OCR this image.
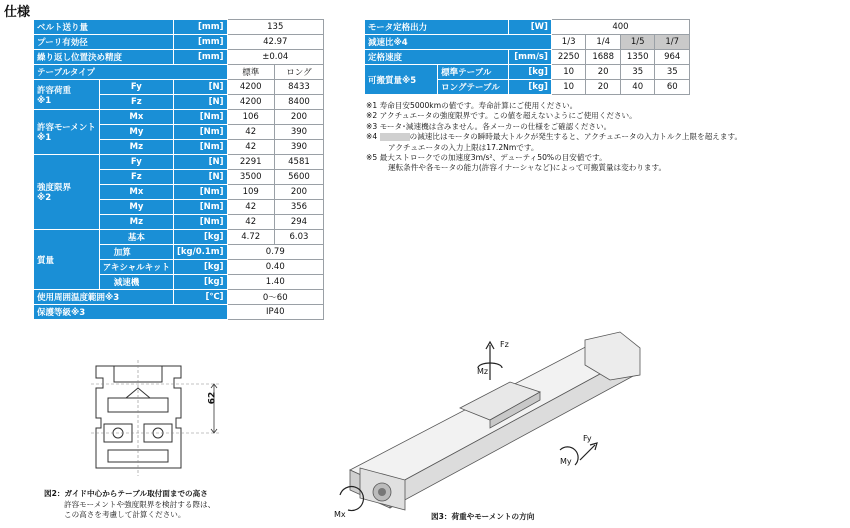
仕様
ベルト送り量		[mm]	135	
プーリ有効径		[mm]	42.97	
繰り返し位置決め精度		[mm]	±0.04	
テーブルタイプ			標準	ロング
許容荷重
※1	Fy	[N]	4200	8433
	Fz	[N]	4200	8400
許容モーメント
※1	Mx	[Nm]	106	200
	My	[Nm]	42	390
	Mz	[Nm]	42	390
強度限界
※2	Fy	[N]	2291	4581
	Fz	[N]	3500	5600
	Mx	[Nm]	109	200
	My	[Nm]	42	356
	Mz	[Nm]	42	294
質量	基本	[kg]	4.72	6.03
	加算	[kg/0.1m]	0.79	
	アキシャルキット	[kg]	0.40	
	減速機	[kg]	1.40	
使用周囲温度範囲※3		[℃]	0〜60	
保護等級※3			IP40	
モータ定格出力		[W]	400			
減速比※4			1/3	1/4	1/5	1/7
定格速度		[mm/s]	2250	1688	1350	964
可搬質量※5	標準テーブル	[kg]	10	20	35	35
	ロングテーブル	[kg]	10	20	40	60
※1 寿命目安5000kmの値です。寿命計算にご使用ください。
※2 アクチュエータの強度限界です。この値を超えないようにご使用ください。
※3 モータ･減速機は含みません。各メーカーの仕様をご確認ください。
※4	の減速比はモータの瞬時最大トルクが発生すると、アクチュエータの入力トルク上限を超えます。
アクチュエータの入力上限は17.2Nmです。
※5 最大ストロークでの加速度3m/s²、デューティ50%の目安値です。
運転条件や各モータの能力(許容イナーシャなど)によって可搬質量は変わります。
62
図2：ガイド中心からテーブル取付面までの高さ
許容モーメントや強度限界を検討する際は、
この高さを考慮して計算ください。
Fz
Mz
Fy
My
Mx	図3：荷重やモーメントの方向
